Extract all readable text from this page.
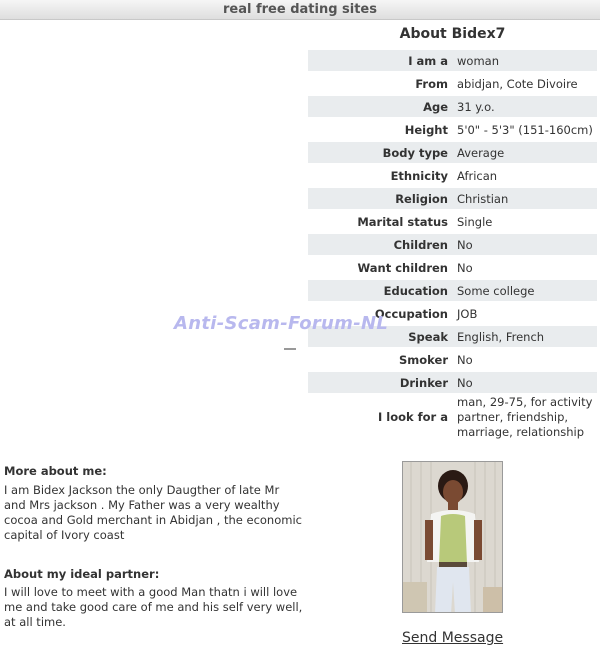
real free dating sites
About Bidex7
I am a	woman
From	abidjan, Cote Divoire
Age	31 y.o.
Height	5'0" - 5'3" (151-160cm)
Body type	Average
Ethnicity	African
Religion	Christian
Marital status	Single
Children	No
Want children	No
Education	Some college
Occupation	JOB
Speak	English, French
Smoker	No
Drinker	No
I look for a	man, 29-75, for activity partner, friendship, marriage, relationship
Anti-Scam-Forum-NL
More about me:
I am Bidex Jackson the only Daugther of late Mr and Mrs jackson . My Father was a very wealthy cocoa and Gold merchant in Abidjan , the economic capital of Ivory coast
About my ideal partner:
I will love to meet with a good Man thatn i will love me and take good care of me and his self very well, at all time.
Send Message
